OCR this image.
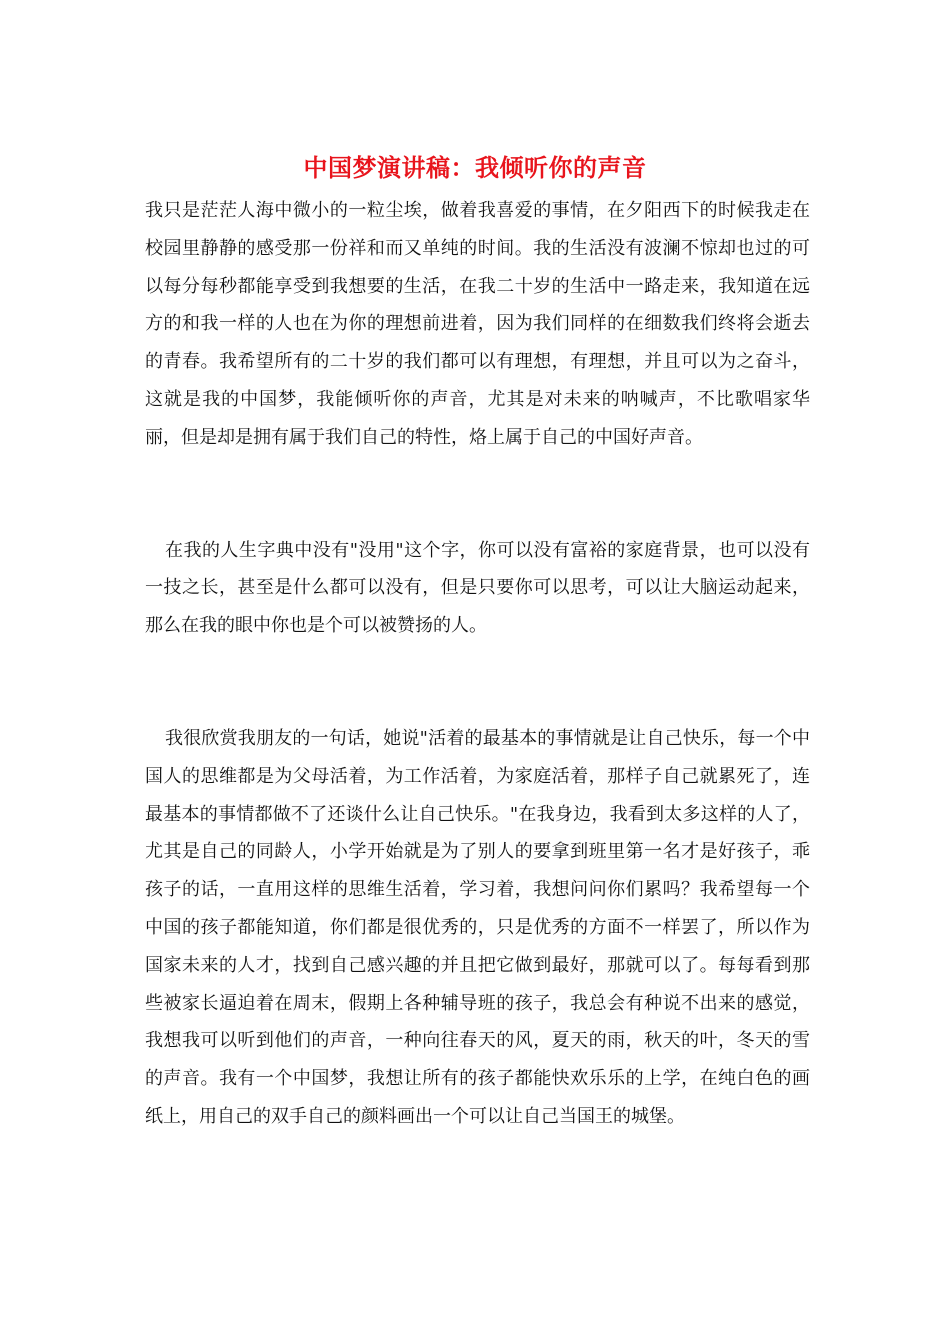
中国梦演讲稿：我倾听你的声音

我只是茫茫人海中微小的一粒尘埃，做着我喜爱的事情，在夕阳西下的时候我走在校园里静静的感受那一份祥和而又单纯的时间。我的生活没有波澜不惊却也过的可以每分每秒都能享受到我想要的生活，在我二十岁的生活中一路走来，我知道在远方的和我一样的人也在为你的理想前进着，因为我们同样的在细数我们终将会逝去的青春。我希望所有的二十岁的我们都可以有理想，有理想，并且可以为之奋斗，这就是我的中国梦，我能倾听你的声音，尤其是对未来的呐喊声，不比歌唱家华丽，但是却是拥有属于我们自己的特性，烙上属于自己的中国好声音。

在我的人生字典中没有"没用"这个字，你可以没有富裕的家庭背景，也可以没有一技之长，甚至是什么都可以没有，但是只要你可以思考，可以让大脑运动起来，那么在我的眼中你也是个可以被赞扬的人。

我很欣赏我朋友的一句话，她说"活着的最基本的事情就是让自己快乐，每一个中国人的思维都是为父母活着，为工作活着，为家庭活着，那样子自己就累死了，连最基本的事情都做不了还谈什么让自己快乐。"在我身边，我看到太多这样的人了，尤其是自己的同龄人，小学开始就是为了别人的要拿到班里第一名才是好孩子，乖孩子的话，一直用这样的思维生活着，学习着，我想问问你们累吗？我希望每一个中国的孩子都能知道，你们都是很优秀的，只是优秀的方面不一样罢了，所以作为国家未来的人才，找到自己感兴趣的并且把它做到最好，那就可以了。每每看到那些被家长逼迫着在周末，假期上各种辅导班的孩子，我总会有种说不出来的感觉，我想我可以听到他们的声音，一种向往春天的风，夏天的雨，秋天的叶，冬天的雪的声音。我有一个中国梦，我想让所有的孩子都能快欢乐乐的上学，在纯白色的画纸上，用自己的双手自己的颜料画出一个可以让自己当国王的城堡。
